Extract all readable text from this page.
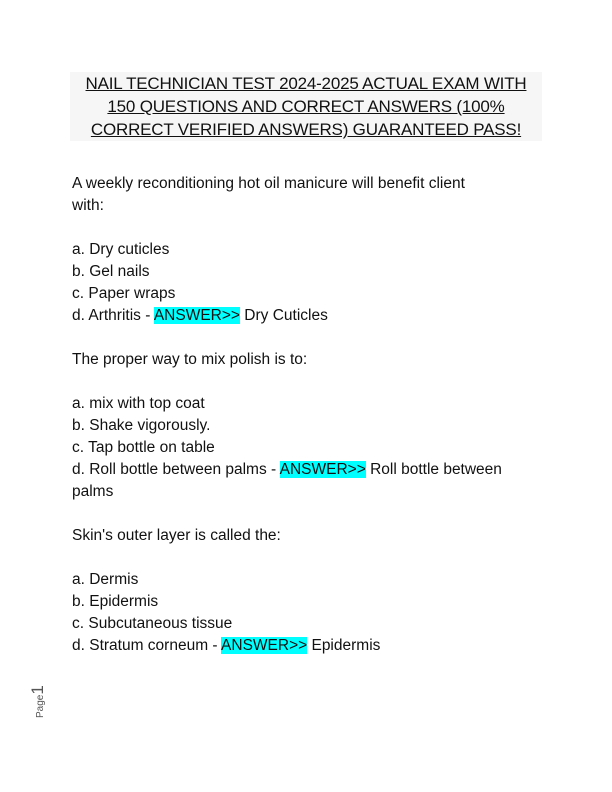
NAIL TECHNICIAN TEST 2024-2025 ACTUAL EXAM WITH
150 QUESTIONS AND CORRECT ANSWERS (100%
CORRECT VERIFIED ANSWERS) GUARANTEED PASS!
A weekly reconditioning hot oil manicure will benefit client
with:
a. Dry cuticles
b. Gel nails
c. Paper wraps
d. Arthritis - ANSWER>> Dry Cuticles
The proper way to mix polish is to:
a. mix with top coat
b. Shake vigorously.
c. Tap bottle on table
d. Roll bottle between palms - ANSWER>> Roll bottle between
palms
Skin's outer layer is called the:
a. Dermis
b. Epidermis
c. Subcutaneous tissue
d. Stratum corneum - ANSWER>> Epidermis
Page1
